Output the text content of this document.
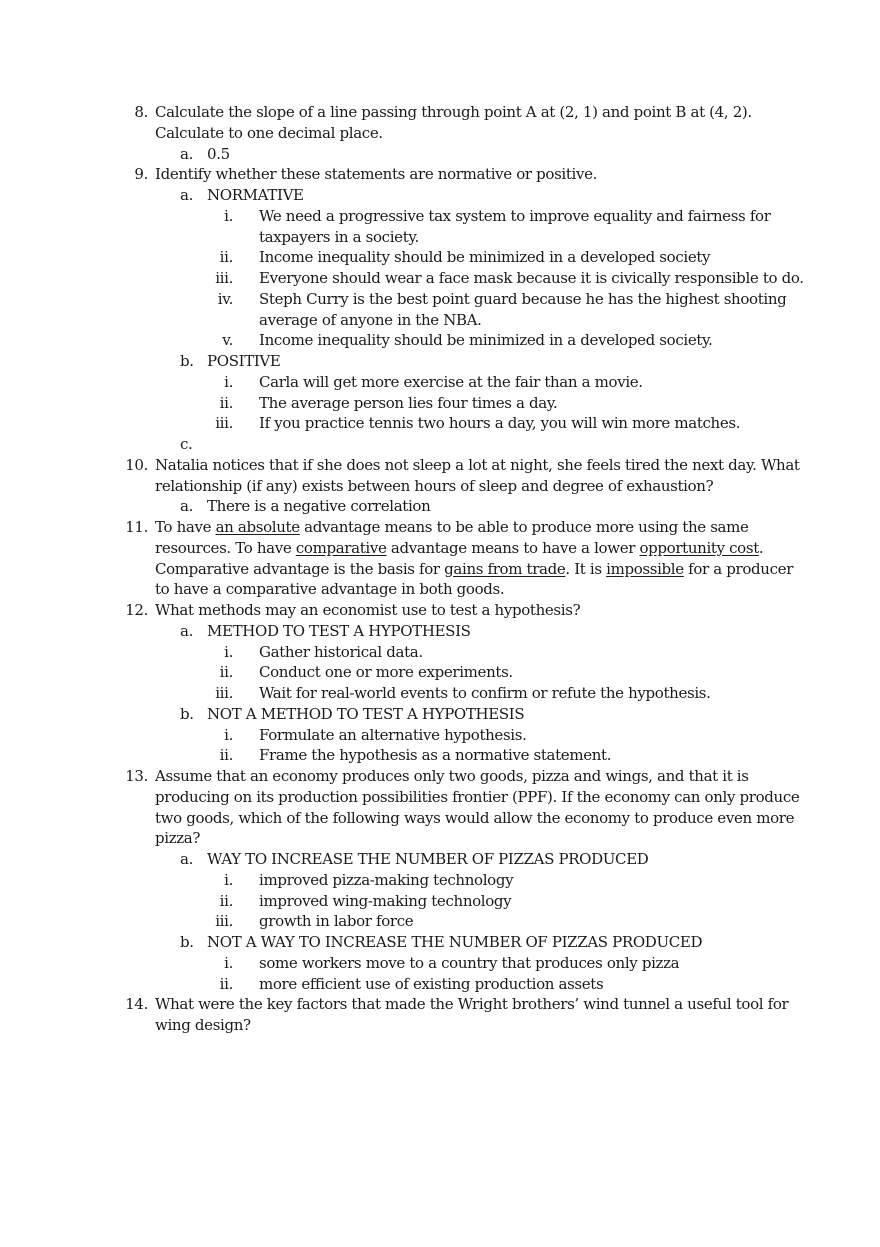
8. Calculate the slope of a line passing through point A at (2, 1) and point B at (4, 2).
Calculate to one decimal place.
a. 0.5
9. Identify whether these statements are normative or positive.
a. NORMATIVE
i. We need a progressive tax system to improve equality and fairness for
taxpayers in a society.
ii. Income inequality should be minimized in a developed society
iii. Everyone should wear a face mask because it is civically responsible to do.
iv. Steph Curry is the best point guard because he has the highest shooting
average of anyone in the NBA.
v. Income inequality should be minimized in a developed society.
b. POSITIVE
i. Carla will get more exercise at the fair than a movie.
ii. The average person lies four times a day.
iii. If you practice tennis two hours a day, you will win more matches.
c.
10. Natalia notices that if she does not sleep a lot at night, she feels tired the next day. What
relationship (if any) exists between hours of sleep and degree of exhaustion?
a. There is a negative correlation
11. To have an absolute advantage means to be able to produce more using the same
resources. To have comparative advantage means to have a lower opportunity cost.
Comparative advantage is the basis for gains from trade. It is impossible for a producer
to have a comparative advantage in both goods.
12. What methods may an economist use to test a hypothesis?
a. METHOD TO TEST A HYPOTHESIS
i. Gather historical data.
ii. Conduct one or more experiments.
iii. Wait for real-world events to confirm or refute the hypothesis.
b. NOT A METHOD TO TEST A HYPOTHESIS
i. Formulate an alternative hypothesis.
ii. Frame the hypothesis as a normative statement.
13. Assume that an economy produces only two goods, pizza and wings, and that it is
producing on its production possibilities frontier (PPF). If the economy can only produce
two goods, which of the following ways would allow the economy to produce even more
pizza?
a. WAY TO INCREASE THE NUMBER OF PIZZAS PRODUCED
i. improved pizza-making technology
ii. improved wing-making technology
iii. growth in labor force
b. NOT A WAY TO INCREASE THE NUMBER OF PIZZAS PRODUCED
i. some workers move to a country that produces only pizza
ii. more efficient use of existing production assets
14. What were the key factors that made the Wright brothers’ wind tunnel a useful tool for
wing design?
